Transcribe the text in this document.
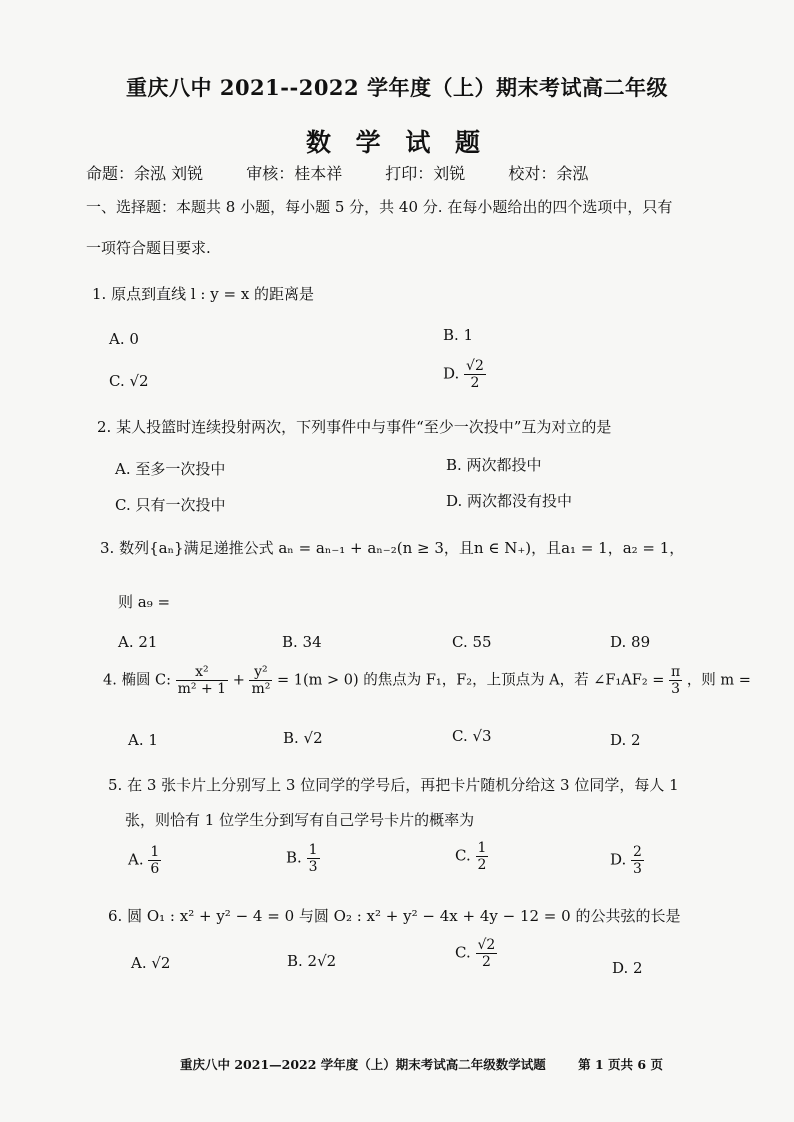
重庆八中 2021--2022 学年度（上）期末考试高二年级
数 学 试 题
命题：余泓 刘锐	审核：桂本祥	打印：刘锐	校对：余泓
一、选择题：本题共 8 小题，每小题 5 分，共 40 分. 在每小题给出的四个选项中，只有
一项符合题目要求.
1. 原点到直线 l : y = x 的距离是
A. 0	B. 1
C. √2	D. $\frac{√2}{2}$
2. 某人投篮时连续投射两次，下列事件中与事件“至少一次投中”互为对立的是
A. 至多一次投中	B. 两次都投中
C. 只有一次投中	D. 两次都没有投中
3. 数列{aₙ}满足递推公式 aₙ = aₙ₋₁ + aₙ₋₂(n ≥ 3，且n ∈ N₊)，且a₁ = 1，a₂ = 1，
则 a₉ =
A. 21	B. 34	C. 55	D. 89
4. 椭圆 C: $\frac{\text{x²}}{\text{m² + 1}} + \frac{\text{y²}}{\text{m²}} = 1(m > 0)$ 的焦点为 F₁，F₂，上顶点为 A，若 ∠F₁AF₂ = $\frac{\pi}{3}$ ，则 m =
A. 1	B. √2	C. √3	D. 2
5. 在 3 张卡片上分别写上 3 位同学的学号后，再把卡片随机分给这 3 位同学，每人 1
张，则恰有 1 位学生分到写有自己学号卡片的概率为
A. $\frac{1}{6}$	B. $\frac{1}{3}$	C. $\frac{1}{2}$	D. $\frac{2}{3}$
6. 圆 O₁ : x² + y² − 4 = 0 与圆 O₂ : x² + y² − 4x + 4y − 12 = 0 的公共弦的长是
A. √2	B. 2√2	C. $\frac{√2}{2}$	D. 2
重庆八中 2021—2022 学年度（上）期末考试高二年级数学试题	第 1 页共 6 页
